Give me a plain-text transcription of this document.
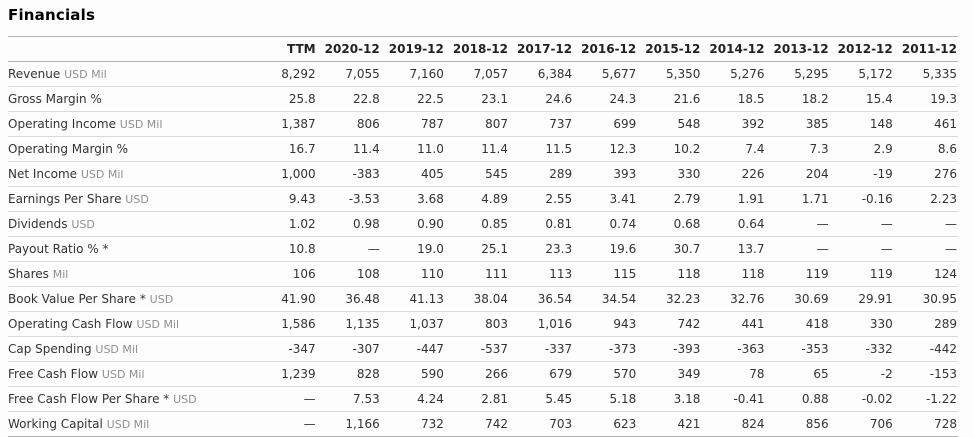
Financials
	TTM	2020-12	2019-12	2018-12	2017-12	2016-12	2015-12	2014-12	2013-12	2012-12	2011-12
Revenue USD Mil	8,292	7,055	7,160	7,057	6,384	5,677	5,350	5,276	5,295	5,172	5,335
Gross Margin %	25.8	22.8	22.5	23.1	24.6	24.3	21.6	18.5	18.2	15.4	19.3
Operating Income USD Mil	1,387	806	787	807	737	699	548	392	385	148	461
Operating Margin %	16.7	11.4	11.0	11.4	11.5	12.3	10.2	7.4	7.3	2.9	8.6
Net Income USD Mil	1,000	-383	405	545	289	393	330	226	204	-19	276
Earnings Per Share USD	9.43	-3.53	3.68	4.89	2.55	3.41	2.79	1.91	1.71	-0.16	2.23
Dividends USD	1.02	0.98	0.90	0.85	0.81	0.74	0.68	0.64	—	—	—
Payout Ratio % *	10.8	—	19.0	25.1	23.3	19.6	30.7	13.7	—	—	—
Shares Mil	106	108	110	111	113	115	118	118	119	119	124
Book Value Per Share * USD	41.90	36.48	41.13	38.04	36.54	34.54	32.23	32.76	30.69	29.91	30.95
Operating Cash Flow USD Mil	1,586	1,135	1,037	803	1,016	943	742	441	418	330	289
Cap Spending USD Mil	-347	-307	-447	-537	-337	-373	-393	-363	-353	-332	-442
Free Cash Flow USD Mil	1,239	828	590	266	679	570	349	78	65	-2	-153
Free Cash Flow Per Share * USD	—	7.53	4.24	2.81	5.45	5.18	3.18	-0.41	0.88	-0.02	-1.22
Working Capital USD Mil	—	1,166	732	742	703	623	421	824	856	706	728
